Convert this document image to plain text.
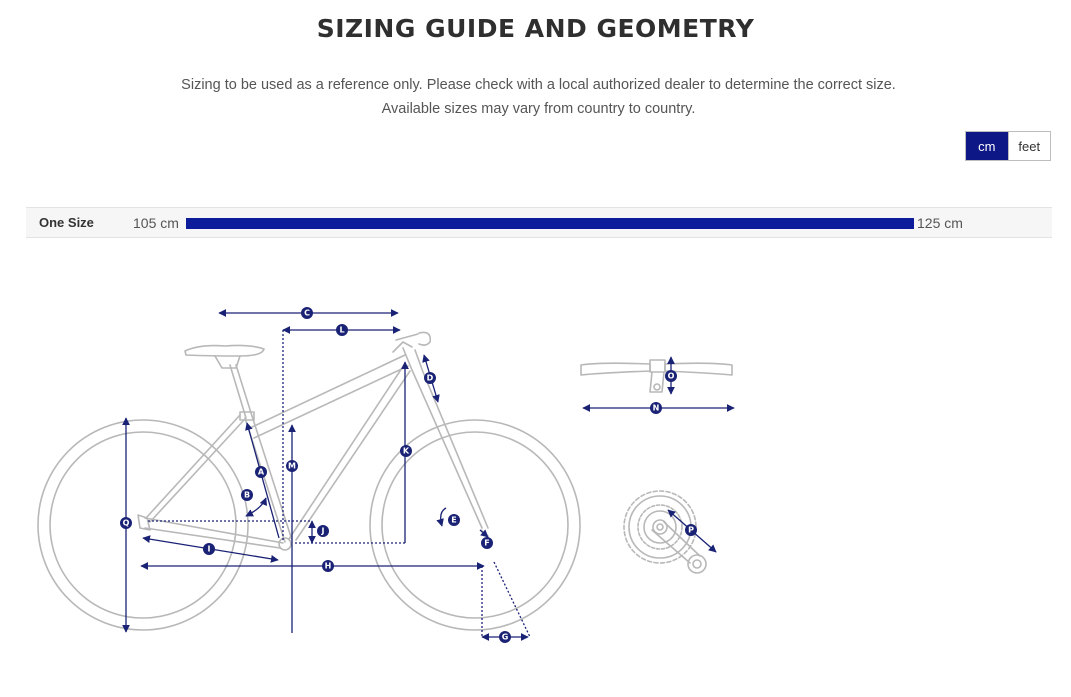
SIZING GUIDE AND GEOMETRY
Sizing to be used as a reference only. Please check with a local authorized dealer to determine the correct size.
Available sizes may vary from country to country.
cm	feet
One Size	105 cm	125 cm
C
L
D
M
K
A
B
Q
J
E
F
I
H
G
O
N
P
